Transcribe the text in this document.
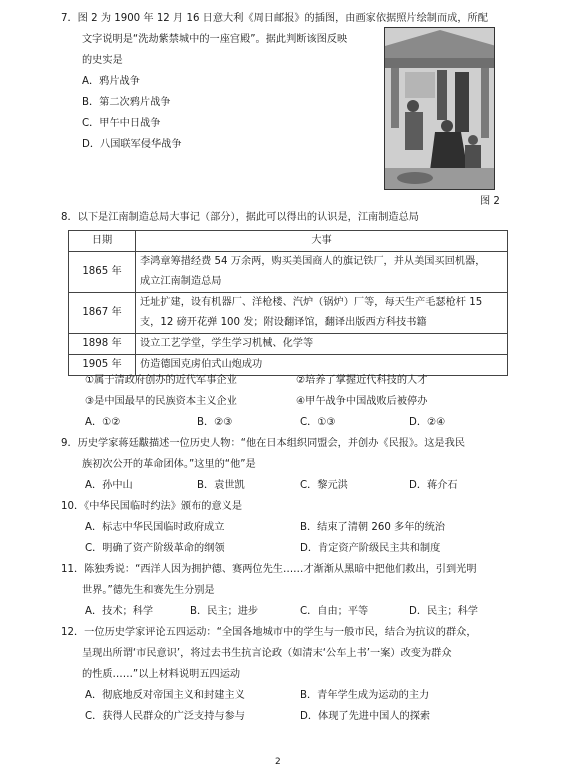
7．图 2 为 1900 年 12 月 16 日意大利《周日邮报》的插图，由画家依据照片绘制而成，所配
文字说明是“洗劫紫禁城中的一座宫殿”。据此判断该图反映
的史实是
A．鸦片战争
B．第二次鸦片战争
C．甲午中日战争
D．八国联军侵华战争
图 2
8．以下是江南制造总局大事记（部分），据此可以得出的认识是，江南制造总局
日期	大事
1865 年	李鸿章筹措经费 54 万余两，购买美国商人的旗记铁厂，并从美国买回机器，
成立江南制造总局

1867 年	迁址扩建，设有机器厂、洋枪楼、汽炉（锅炉）厂等，每天生产毛瑟枪杆 15
支，12 磅开花弹 100 发；附设翻译馆，翻译出版西方科技书籍

1898 年	设立工艺学堂，学生学习机械、化学等

1905 年	仿造德国克虏伯式山炮成功
①属于清政府创办的近代军事企业	②培养了掌握近代科技的人才
③是中国最早的民族资本主义企业	④甲午战争中国战败后被停办
A．①②	B．②③	C．①③	D．②④
9．历史学家蒋廷黻描述一位历史人物：“他在日本组织同盟会，并创办《民报》。这是我民
族初次公开的革命团体。”这里的“他”是
A．孙中山	B．袁世凯	C．黎元洪	D．蒋介石
10．《中华民国临时约法》颁布的意义是
A．标志中华民国临时政府成立	B．结束了清朝 260 多年的统治
C．明确了资产阶级革命的纲领	D．肯定资产阶级民主共和制度
11．陈独秀说：“西洋人因为拥护德、赛两位先生……才渐渐从黑暗中把他们救出，引到光明
世界。”德先生和赛先生分别是
A．技术；科学	B．民主；进步	C．自由；平等	D．民主；科学
12．一位历史学家评论五四运动：“全国各地城市中的学生与一般市民，结合为抗议的群众，
呈现出所谓‘市民意识’，将过去书生抗言论政（如清末‘公车上书’一案）改变为群众
的性质……”以上材料说明五四运动
A．彻底地反对帝国主义和封建主义	B．青年学生成为运动的主力
C．获得人民群众的广泛支持与参与	D．体现了先进中国人的探索
2
